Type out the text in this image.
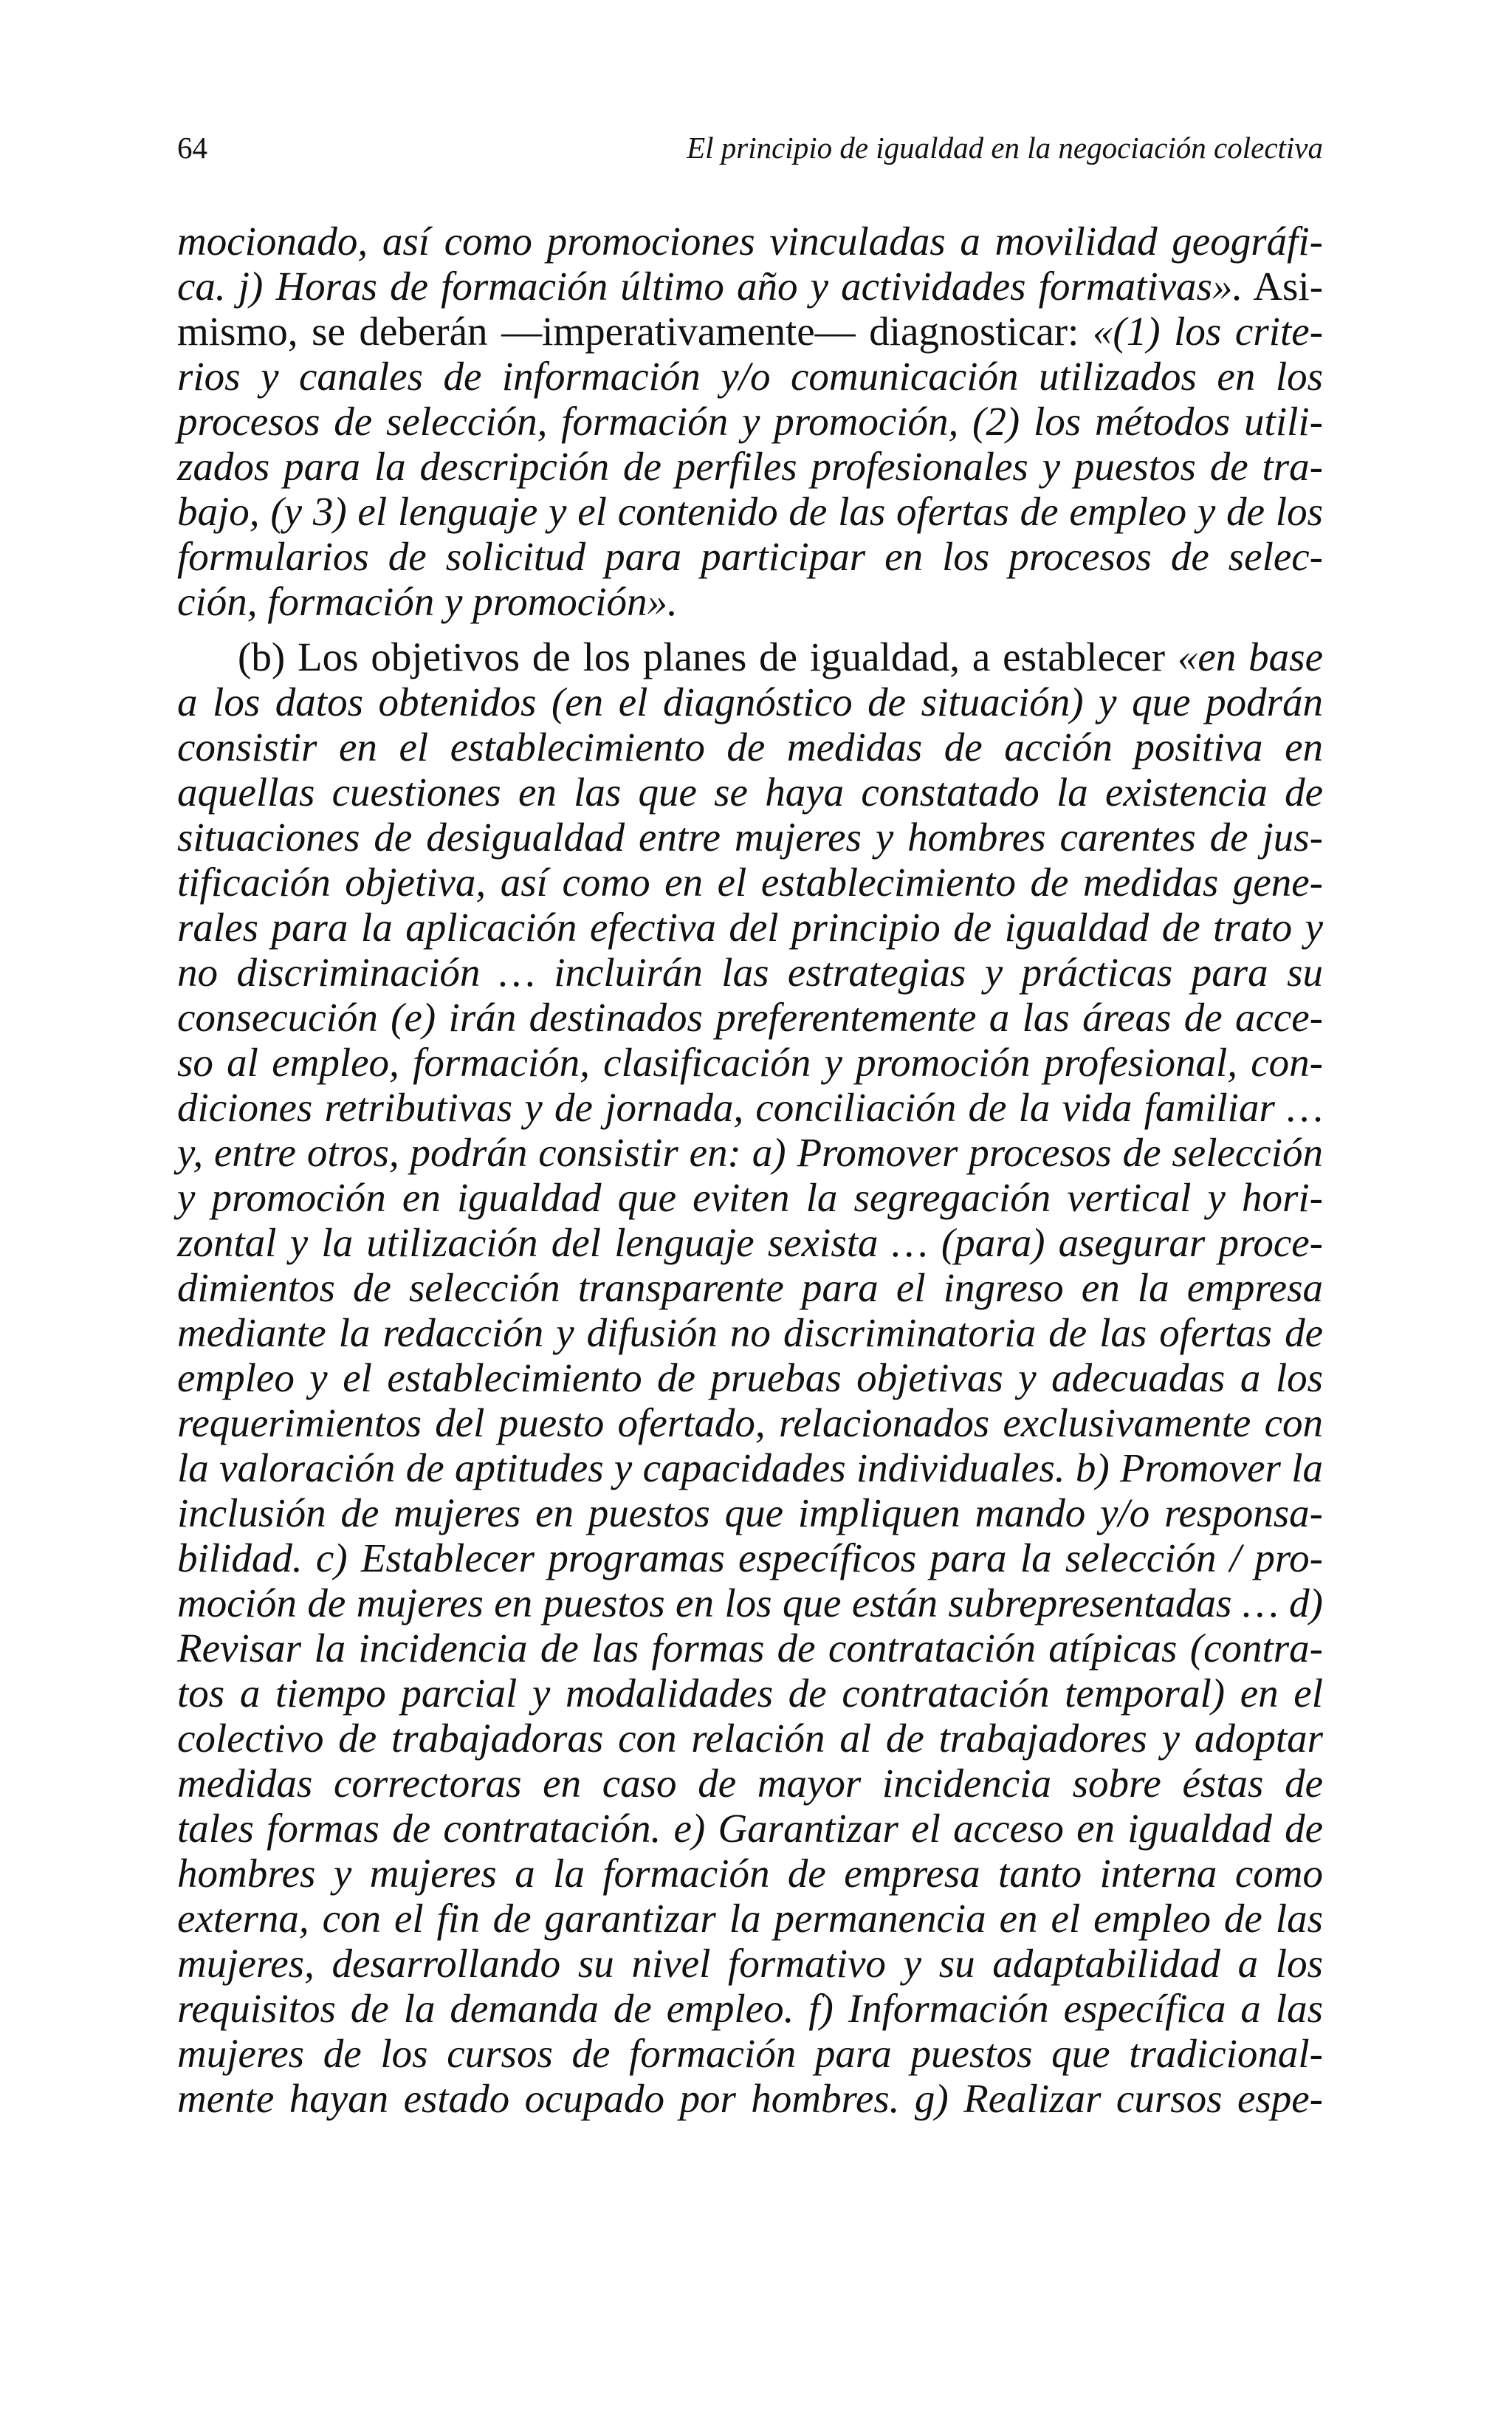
64	El principio de igualdad en la negociación colectiva
mocionado, así como promociones vinculadas a movilidad geográfi-
ca. j) Horas de formación último año y actividades formativas». Asi-
mismo, se deberán —imperativamente— diagnosticar: «(1) los crite-
rios y canales de información y/o comunicación utilizados en los
procesos de selección, formación y promoción, (2) los métodos utili-
zados para la descripción de perfiles profesionales y puestos de tra-
bajo, (y 3) el lenguaje y el contenido de las ofertas de empleo y de los
formularios de solicitud para participar en los procesos de selec-
ción, formación y promoción».
(b) Los objetivos de los planes de igualdad, a establecer «en base
a los datos obtenidos (en el diagnóstico de situación) y que podrán
consistir en el establecimiento de medidas de acción positiva en
aquellas cuestiones en las que se haya constatado la existencia de
situaciones de desigualdad entre mujeres y hombres carentes de jus-
tificación objetiva, así como en el establecimiento de medidas gene-
rales para la aplicación efectiva del principio de igualdad de trato y
no discriminación … incluirán las estrategias y prácticas para su
consecución (e) irán destinados preferentemente a las áreas de acce-
so al empleo, formación, clasificación y promoción profesional, con-
diciones retributivas y de jornada, conciliación de la vida familiar …
y, entre otros, podrán consistir en: a) Promover procesos de selección
y promoción en igualdad que eviten la segregación vertical y hori-
zontal y la utilización del lenguaje sexista … (para) asegurar proce-
dimientos de selección transparente para el ingreso en la empresa
mediante la redacción y difusión no discriminatoria de las ofertas de
empleo y el establecimiento de pruebas objetivas y adecuadas a los
requerimientos del puesto ofertado, relacionados exclusivamente con
la valoración de aptitudes y capacidades individuales. b) Promover la
inclusión de mujeres en puestos que impliquen mando y/o responsa-
bilidad. c) Establecer programas específicos para la selección / pro-
moción de mujeres en puestos en los que están subrepresentadas … d)
Revisar la incidencia de las formas de contratación atípicas (contra-
tos a tiempo parcial y modalidades de contratación temporal) en el
colectivo de trabajadoras con relación al de trabajadores y adoptar
medidas correctoras en caso de mayor incidencia sobre éstas de
tales formas de contratación. e) Garantizar el acceso en igualdad de
hombres y mujeres a la formación de empresa tanto interna como
externa, con el fin de garantizar la permanencia en el empleo de las
mujeres, desarrollando su nivel formativo y su adaptabilidad a los
requisitos de la demanda de empleo. f) Información específica a las
mujeres de los cursos de formación para puestos que tradicional-
mente hayan estado ocupado por hombres. g) Realizar cursos espe-
